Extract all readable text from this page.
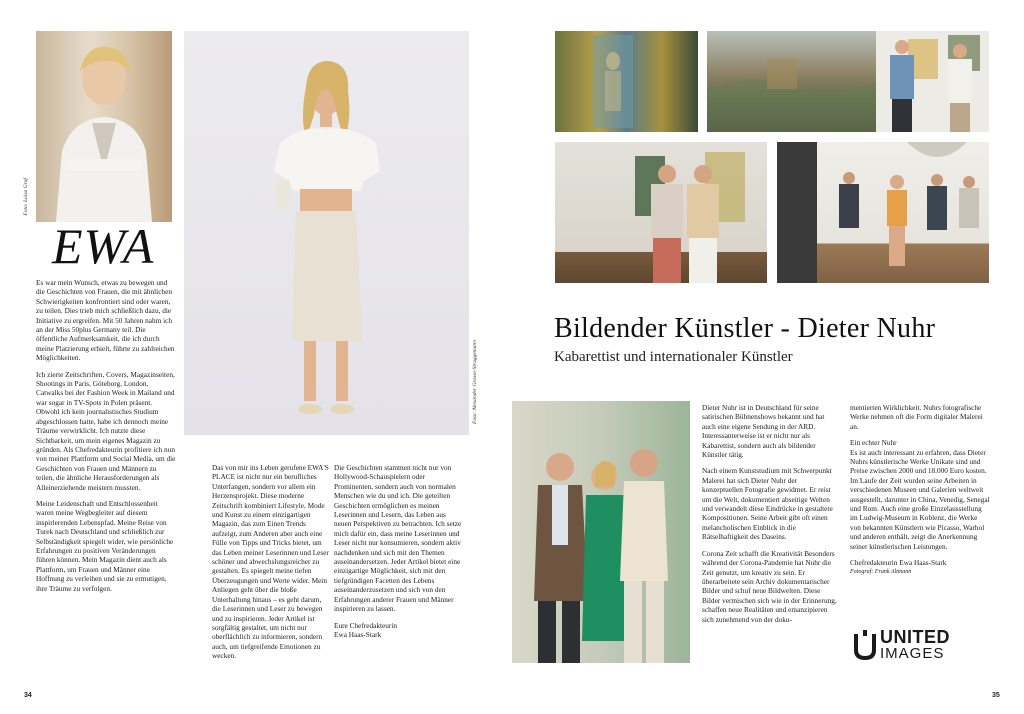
Foto: Luisa Graf
Foto: Alexander Grosse-Straggemann
EWA

Es war mein Wunsch, etwas zu bewegen und die Geschichten von Frauen, die mit ähnlichen Schwierigkeiten konfrontiert sind oder waren, zu teilen. Dies trieb mich schließlich dazu, die Initiative zu ergreifen. Mit 50 Jahren nahm ich an der Miss 50plus Germany teil. Die öffentliche Aufmerksamkeit, die ich durch meine Platzierung erhielt, führte zu zahlreichen Möglichkeiten.

Ich zierte Zeitschriften, Covers, Magazinseiten, Shootings in Paris, Göteborg, London, Catwalks bei der Fashion Week in Mailand und war sogar in TV-Spots in Polen präsent. Obwohl ich kein journalistisches Studium abgeschlossen hatte, habe ich dennoch meine Träume verwirklicht. Ich nutzte diese Sichtbarkeit, um mein eigenes Magazin zu gründen. Als Chefredakteurin profitiere ich nun von meiner Plattform und Social Media, um die Geschichten von Frauen und Männern zu teilen, die ähnliche Herausforderungen als Alleinerziehende meistern mussten.

Meine Leidenschaft und Entschlossenheit waren meine Wegbegleiter auf diesem inspirierenden Lebenspfad. Meine Reise von Turek nach Deutschland und schließlich zur Selbständigkeit spiegelt wider, wie persönliche Erfahrungen zu positiven Veränderungen führen können. Mein Magazin dient auch als Plattform, um Frauen und Männer eine Hoffnung zu verleihen und sie zu ermutigen, ihre Träume zu verfolgen.

Das von mir ins Leben gerufene EWA'S PLACE ist nicht nur ein berufliches Unterfangen, sondern vor allem ein Herzensprojekt. Diese moderne Zeitschrift kombiniert Lifestyle, Mode und Kunst zu einem einzigartigen Magazin, das zum Einen Trends aufzeigt, zum Anderen aber auch eine Fülle von Tipps und Tricks bietet, um das Leben meiner Leserinnen und Leser schöner und abwechslungsreicher zu gestalten. Es spiegelt meine tiefen Überzeugungen und Werte wider. Mein Anliegen geht über die bloße Unterhaltung hinaus – es geht darum, die Leserinnen und Leser zu bewegen und zu inspirieren. Jeder Artikel ist sorgfältig gestaltet, um nicht nur oberflächlich zu informieren, sondern auch, um tiefgreifende Emotionen zu wecken.

Die Geschichten stammen nicht nur von Hollywood-Schauspielern oder Prominenten, sondern auch von normalen Menschen wie du und ich. Die geteilten Geschichten ermöglichen es meinen Leserinnen und Lesern, das Leben aus neuen Perspektiven zu betrachten. Ich setze mich dafür ein, dass meine Leserinnen und Leser nicht nur konsumieren, sondern aktiv nachdenken und sich mit den Themen auseinandersetzen. Jeder Artikel bietet eine einzigartige Möglichkeit, sich mit den tiefgründigen Facetten des Lebens auseinanderzusetzen und sich von den Erfahrungen anderer Frauen und Männer inspirieren zu lassen.

Eure Chefredakteurin
Ewa Haas-Stark
34
Bildender Künstler - Dieter Nuhr
Kabarettist und internationaler Künstler

Dieter Nuhr ist in Deutschland für seine satirischen Bühnenshows bekannt und hat auch eine eigene Sendung in der ARD. Interessanterweise ist er nicht nur als Kabarettist, sondern auch als bildender Künstler tätig.

Nach einem Kunststudium mit Schwerpunkt Malerei hat sich Dieter Nuhr der konzeptuellen Fotografie gewidmet. Er reist um die Welt, dokumentiert abseitige Welten und verwandelt diese Eindrücke in gestaltete Kompositionen. Seine Arbeit gibt oft einen melancholischen Einblick in die Rätselhaftigkeit des Daseins.

Corona Zeit schafft die Kreativität Besonders während der Corona-Pandemie hat Nuhr die Zeit genutzt, um kreativ zu sein. Er überarbeitete sein Archiv dokumentarischer Bilder und schuf neue Bildwelten. Diese Bilder vermischen sich wie in der Erinnerung, schaffen neue Realitäten und emanzipieren sich zunehmend von der doku-

mentierten Wirklichkeit. Nuhrs fotografische Werke nehmen oft die Form digitaler Malerei an.

Ein echter Nuhr

Es ist auch interessant zu erfahren, dass Dieter Nuhrs künstlerische Werke Unikate sind und Preise zwischen 2000 und 18.000 Euro kosten. Im Laufe der Zeit wurden seine Arbeiten in verschiedenen Museen und Galerien weltweit ausgestellt, darunter in China, Venedig, Senegal und Rom. Auch eine große Einzelausstellung im Ludwig-Museum in Koblenz, die Werke von bekannten Künstlern wie Picasso, Warhol und anderen enthält, zeigt die Anerkennung seiner künstlerischen Leistungen.

Chefredakteurin Ewa Haas-Stark
Fotograf: Frank Altmann
UNITED
IMAGES
35
